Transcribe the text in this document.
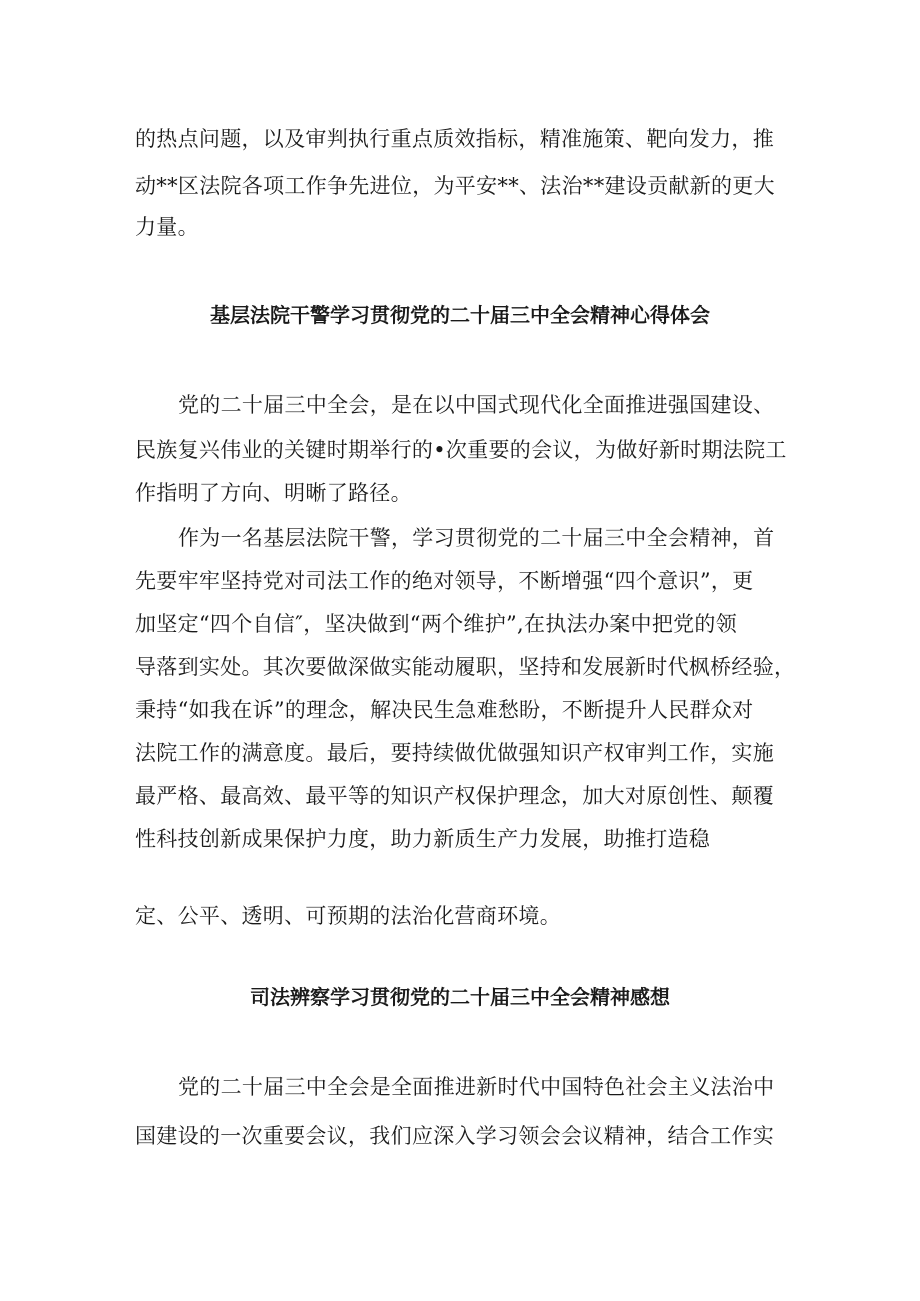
的热点问题，以及审判执行重点质效指标，精准施策、靶向发力，推
动**区法院各项工作争先进位，为平安**、法治**建设贡献新的更大
力量。
基层法院干警学习贯彻党的二十届三中全会精神心得体会
党的二十届三中全会，是在以中国式现代化全面推进强国建设、
民族复兴伟业的关键时期举行的•次重要的会议，为做好新时期法院工
作指明了方向、明晰了路径。
作为一名基层法院干警，学习贯彻党的二十届三中全会精神，首
先要牢牢坚持党对司法工作的绝对领导，不断增强“四个意识”，更
加坚定“四个自信″，坚决做到“两个维护”,在执法办案中把党的领
导落到实处。其次要做深做实能动履职，坚持和发展新时代枫桥经验，
秉持“如我在诉”的理念，解决民生急难愁盼，不断提升人民群众对
法院工作的满意度。最后，要持续做优做强知识产权审判工作，实施
最严格、最高效、最平等的知识产权保护理念，加大对原创性、颠覆
性科技创新成果保护力度，助力新质生产力发展，助推打造稳
定、公平、透明、可预期的法治化营商环境。
司法辨察学习贯彻党的二十届三中全会精神感想
党的二十届三中全会是全面推进新时代中国特色社会主义法治中
国建设的一次重要会议，我们应深入学习领会会议精神，结合工作实
